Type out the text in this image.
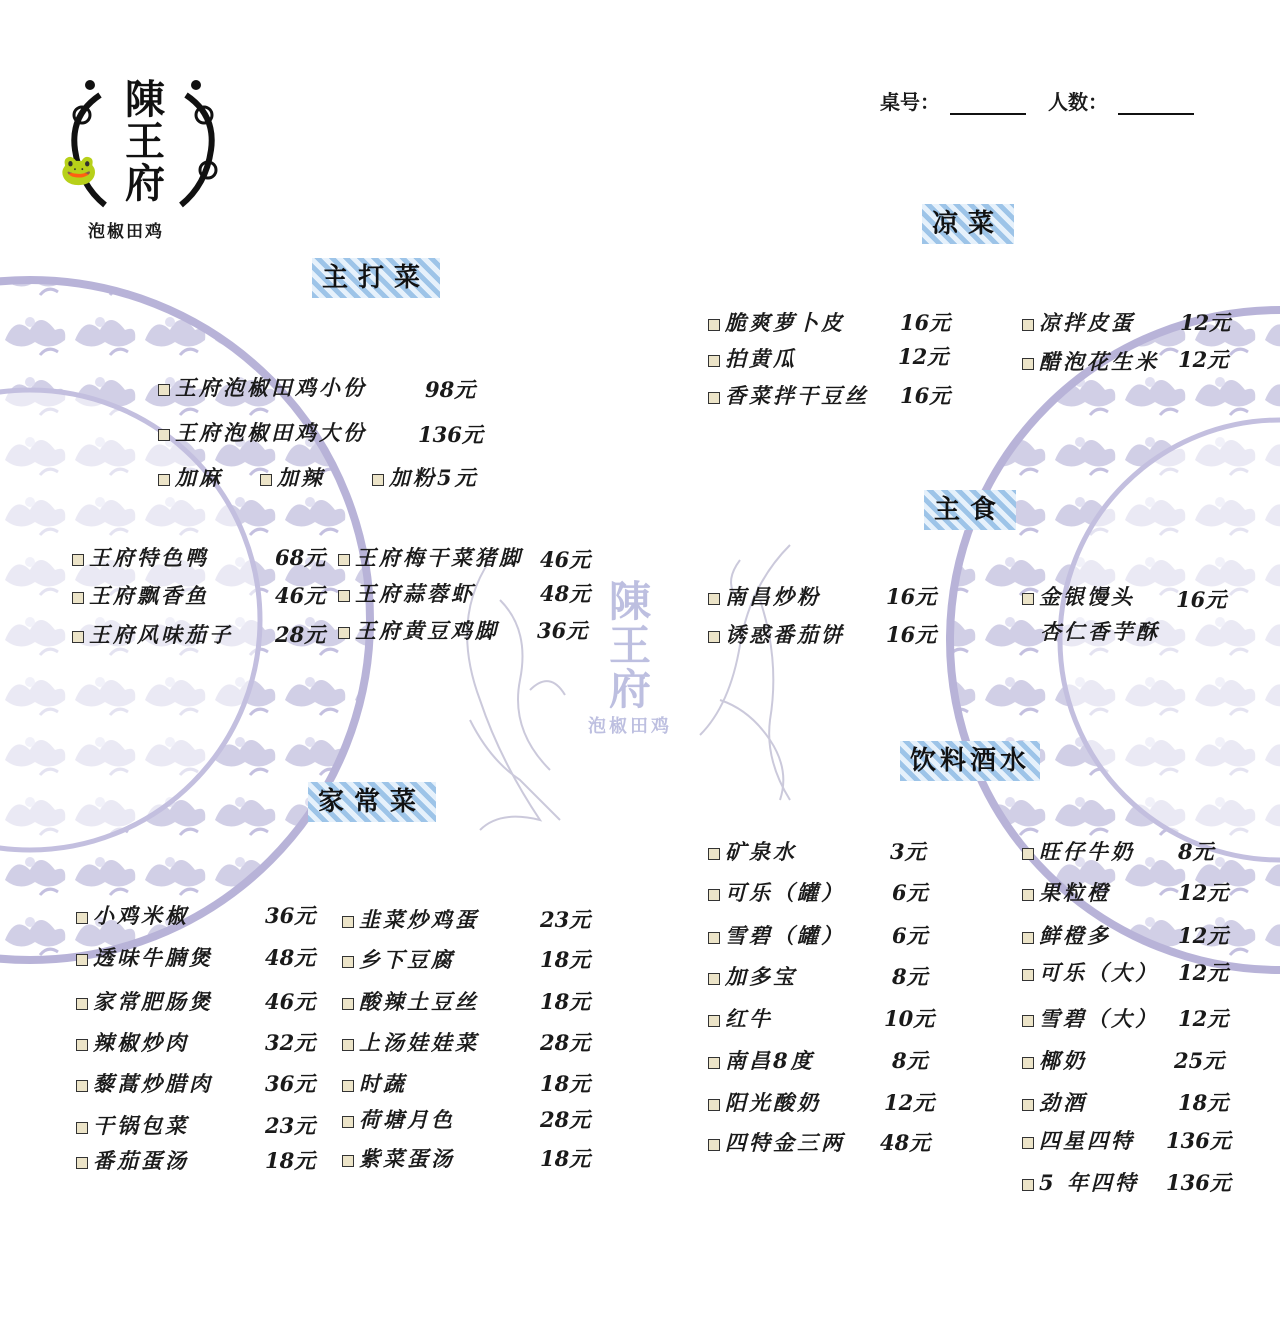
陳
王
府
🐸
泡椒田鸡
桌号：	人数：
陳
王
府
泡椒田鸡
主打菜
王府泡椒田鸡小份	98元
王府泡椒田鸡大份 136元
加麻	加辣	加粉5元
王府特色鸭	68元
王府飘香鱼	46元
王府风味茄子 28元
王府梅干菜猪脚 46元
王府蒜蓉虾	48元
王府黄豆鸡脚 36元
家常菜
小鸡米椒	36元
透味牛腩煲 48元
家常肥肠煲 46元
辣椒炒肉	32元
藜蒿炒腊肉 36元
干锅包菜	23元
番茄蛋汤	18元
韭菜炒鸡蛋	23元
乡下豆腐	18元
酸辣土豆丝	18元
上汤娃娃菜	28元
时蔬	18元
荷塘月色	28元
紫菜蛋汤	18元
凉菜
脆爽萝卜皮	16元
拍黄瓜	12元
香菜拌干豆丝 16元
凉拌皮蛋 12元
醋泡花生米 12元
主食
南昌炒粉	16元
诱惑番茄饼 16元
金银馒头 16元
杏仁香芋酥
饮料酒水
矿泉水	3元
可乐（罐） 6元
雪碧（罐） 6元
加多宝	8元
红牛	10元
南昌8度	8元
阳光酸奶	12元
四特金三两 48元
旺仔牛奶 8元
果粒橙	12元
鲜橙多	12元
可乐（大） 12元
雪碧（大） 12元
椰奶	25元
劲酒	18元
四星四特 136元
5 年四特 136元
